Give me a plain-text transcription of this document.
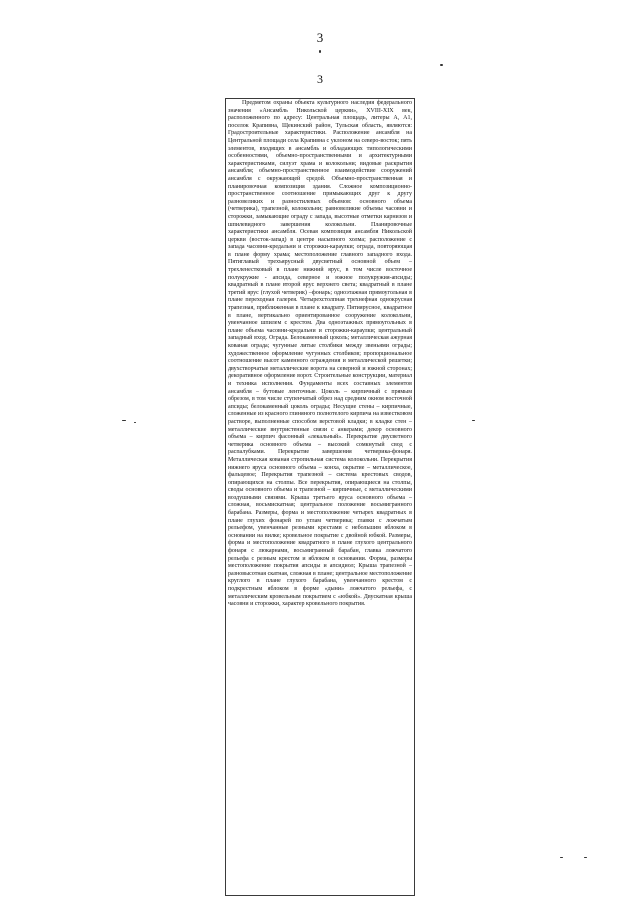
3
3

Предметом охраны объекта культурного наследия федерального значения «Ансамбль Никольской церкви», XVIII-XIX век, расположенного по адресу: Центральная площадь, литеры А, А1, поселок Крапивна, Щекинский район, Тульская область, являются: Градостроительные характеристики. Расположение ансамбля на Центральной площади села Крапивна с уклоном на северо-восток; пять элементов, входящих в ансамбль и обладающих типологическими особенностями, объемно-пространственными и архитектурными характеристиками, силуэт храма и колокольни; видовые раскрытия ансамбля; объемно-пространственное взаимодействие сооружений ансамбля с окружающей средой. Объемно-пространственная и планировочная композиция здания. Сложное композиционно-пространственное соотношение примыкающих друг к другу разновеликих и разностилевых объемов: основного объема (четверика), трапезной, колокольни; равновеликие объемы часовни и сторожки, замыкающие ограду с запада, высотные отметки карнизов и шпилевидного завершения колокольни. Планировочные характеристики ансамбля. Осевая композиция ансамбля Никольской церкви (восток-запад) в центре насыпного холма; расположение с запада часовни-кредальни и сторожки-караулки; ограда, повторяющая в плане форму храма; местоположение главного западного входа. Пятиглавый трехъярусный двусветный основной объем – трехленестковый в плане нижний ярус, в том числе восточное полукружие - апсида, северное и южное полукружия-апсиды; квадратный в плане второй ярус верхнего света; квадратный в плане третий ярус (глухой четверик) –фонарь; одноэтажная прямоугольная в плане переходная галерея. Четырехстолпная трехнефная однокрусная трапезная, приближенная в плане к квадрату. Пятиярусное, квадратное в плане, вертикально ориентированное сооружение колокольни, увенчанное шпилем с крестом. Два одноэтажных прямоугольных в плане объема часовни-кредальни и сторожки-караулки; центральный западный вход. Ограда. Белокаменный цоколь; металлическая ажурная кованая ограда; чугунные литые столбики между звеньями ограды; художественное оформление чугунных столбиков; пропорциональное соотношение высот каменного ограждения и металлической решетки; двухстворчатые металлические ворота на северной и южной сторонах; декоративное оформление ворот. Строительные конструкции, материал и техника исполнения. Фундаменты всех составных элементов ансамбля – бутовые ленточные. Цоколь – кирпичный с прямым обрезом, в том числе ступенчатый обрез над средним окном восточной апсиды; белокаменный цоколь ограды; Несущие стены – кирпичные, сложенные из красного глиняного полнотелого кирпича на известковом растворе, выполненные способом верстовой кладки; в кладке стен – металлические внутристенные связи с анкерами; декор основного объема – кирпич фасонный «лекальный». Перекрытие двусветного четверика основного объема – высокий сомкнутый свод с распалубками. Перекрытие завершения четверика-фонаря. Металлическая кованая стропильная система колокольни. Перекрытия нижнего яруса основного объема – конха, окрытие – металлическое, фальцевое; Перекрытия трапезной – система крестовых сводов, опирающихся на столпы. Все перекрытия, опирающиеся на столпы, своды основного объема и трапезной – кирпичные, с металлическими воздушными связями. Крыша третьего яруса основного объема – сложная, восьмискатная; центральное положение восьмигранного барабана. Размеры, форма и местоположение четырех квадратных в плане глухих фонарей по углам четверика; главки с ложчатым рельефом, увенчанные резными крестами с небольшим яблоком в основании на вилке; кровельное покрытие с двойной юбкой. Размеры, форма и местоположение квадратного в плане глухого центрального фонаря с люкарнами, восьмигранный барабан, главка ложчатого рельефа с резным крестом и яблоком в основании. Форма, размеры местоположение покрытия апсиды и апсидиол; Крыша трапезной – разновысотная скатная, сложная в плане; центральное местоположение круглого в плане глухого барабана, увенчанного крестом с подкрестным яблоком в форме «дыни» ложчатого рельефа, с металлическим кровельным покрытием с «юбкой». Двускатная крыша часовни и сторожки, характер кровельного покрытия.
